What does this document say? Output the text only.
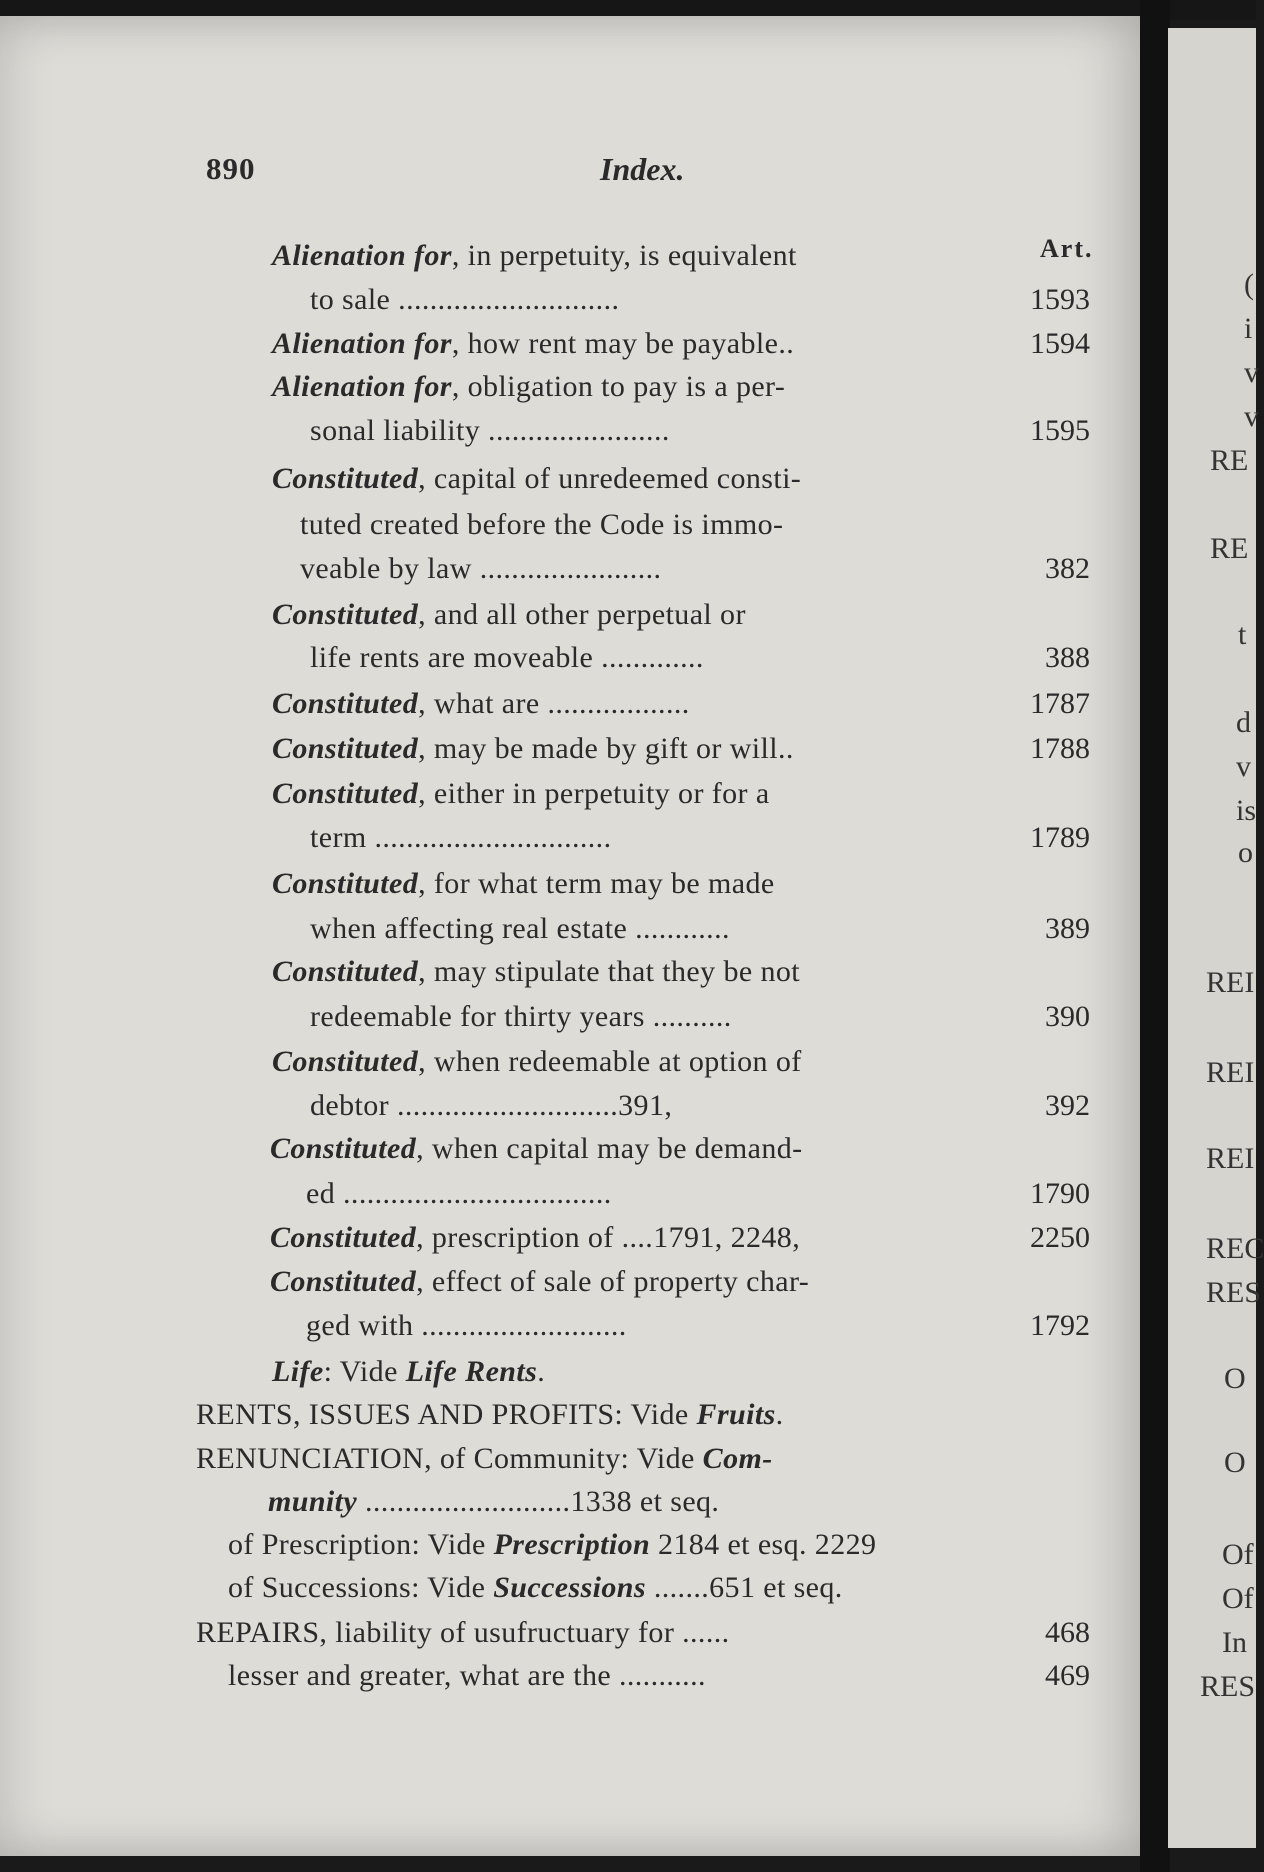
890	Index.
Art.
Alienation for, in perpetuity, is equivalent
to sale ............................	1593
Alienation for, how rent may be payable..	1594
Alienation for, obligation to pay is a per-
sonal liability .......................	1595
Constituted, capital of unredeemed consti-
tuted created before the Code is immo-
veable by law .......................	382
Constituted, and all other perpetual or
life rents are moveable .............	388
Constituted, what are ..................	1787
Constituted, may be made by gift or will..	1788
Constituted, either in perpetuity or for a
term ..............................	1789
Constituted, for what term may be made
when affecting real estate ............	389
Constituted, may stipulate that they be not
redeemable for thirty years ..........	390
Constituted, when redeemable at option of
debtor ............................391,	392
Constituted, when capital may be demand-
ed ..................................	1790
Constituted, prescription of ....1791, 2248,	2250
Constituted, effect of sale of property char-
ged with ..........................	1792
Life: Vide Life Rents.
RENTS, ISSUES AND PROFITS: Vide Fruits.
RENUNCIATION, of Community: Vide Com-
munity ..........................1338 et seq.
of Prescription: Vide Prescription 2184 et esq. 2229
of Successions: Vide Successions .......651 et seq.
REPAIRS, liability of usufructuary for ......	468
lesser and greater, what are the ...........	469
(
i
v
v
RE
RE
t
d
v
is
o
REI
REI
REI
REC
RES
O
O
Of
Of
In
RES
